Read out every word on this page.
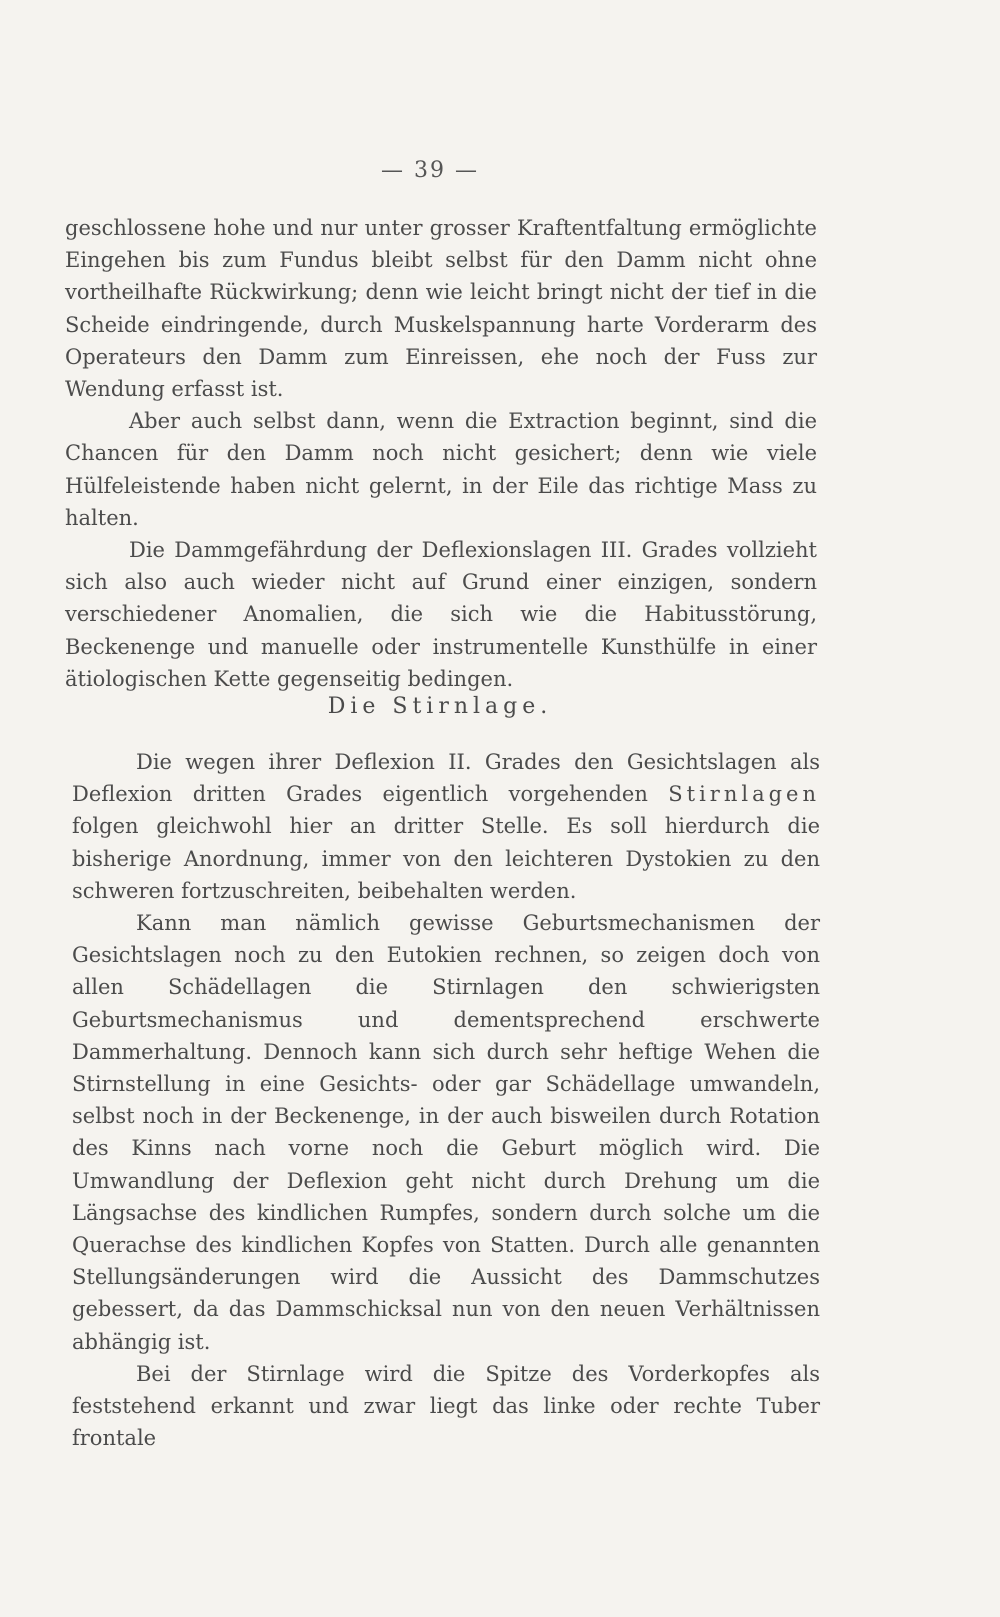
— 39 —

geschlossene hohe und nur unter grosser Kraftentfaltung ermöglichte Eingehen bis zum Fundus bleibt selbst für den Damm nicht ohne vortheilhafte Rückwirkung; denn wie leicht bringt nicht der tief in die Scheide eindringende, durch Muskelspannung harte Vorderarm des Operateurs den Damm zum Einreissen, ehe noch der Fuss zur Wendung erfasst ist.

Aber auch selbst dann, wenn die Extraction beginnt, sind die Chancen für den Damm noch nicht gesichert; denn wie viele Hülfeleistende haben nicht gelernt, in der Eile das richtige Mass zu halten.

Die Dammgefährdung der Deflexionslagen III. Grades vollzieht sich also auch wieder nicht auf Grund einer einzigen, sondern verschiedener Anomalien, die sich wie die Habitusstörung, Beckenenge und manuelle oder instrumentelle Kunsthülfe in einer ätiologischen Kette gegenseitig bedingen.

Die Stirnlage.

Die wegen ihrer Deflexion II. Grades den Gesichtslagen als Deflexion dritten Grades eigentlich vorgehenden Stirnlagen folgen gleichwohl hier an dritter Stelle. Es soll hierdurch die bisherige Anordnung, immer von den leichteren Dystokien zu den schweren fortzuschreiten, beibehalten werden.

Kann man nämlich gewisse Geburtsmechanismen der Gesichtslagen noch zu den Eutokien rechnen, so zeigen doch von allen Schädellagen die Stirnlagen den schwierigsten Geburtsmechanismus und dementsprechend erschwerte Dammerhaltung. Dennoch kann sich durch sehr heftige Wehen die Stirnstellung in eine Gesichts- oder gar Schädellage umwandeln, selbst noch in der Beckenenge, in der auch bisweilen durch Rotation des Kinns nach vorne noch die Geburt möglich wird. Die Umwandlung der Deflexion geht nicht durch Drehung um die Längsachse des kindlichen Rumpfes, sondern durch solche um die Querachse des kindlichen Kopfes von Statten. Durch alle genannten Stellungsänderungen wird die Aussicht des Dammschutzes gebessert, da das Dammschicksal nun von den neuen Verhältnissen abhängig ist.

Bei der Stirnlage wird die Spitze des Vorderkopfes als feststehend erkannt und zwar liegt das linke oder rechte Tuber frontale
